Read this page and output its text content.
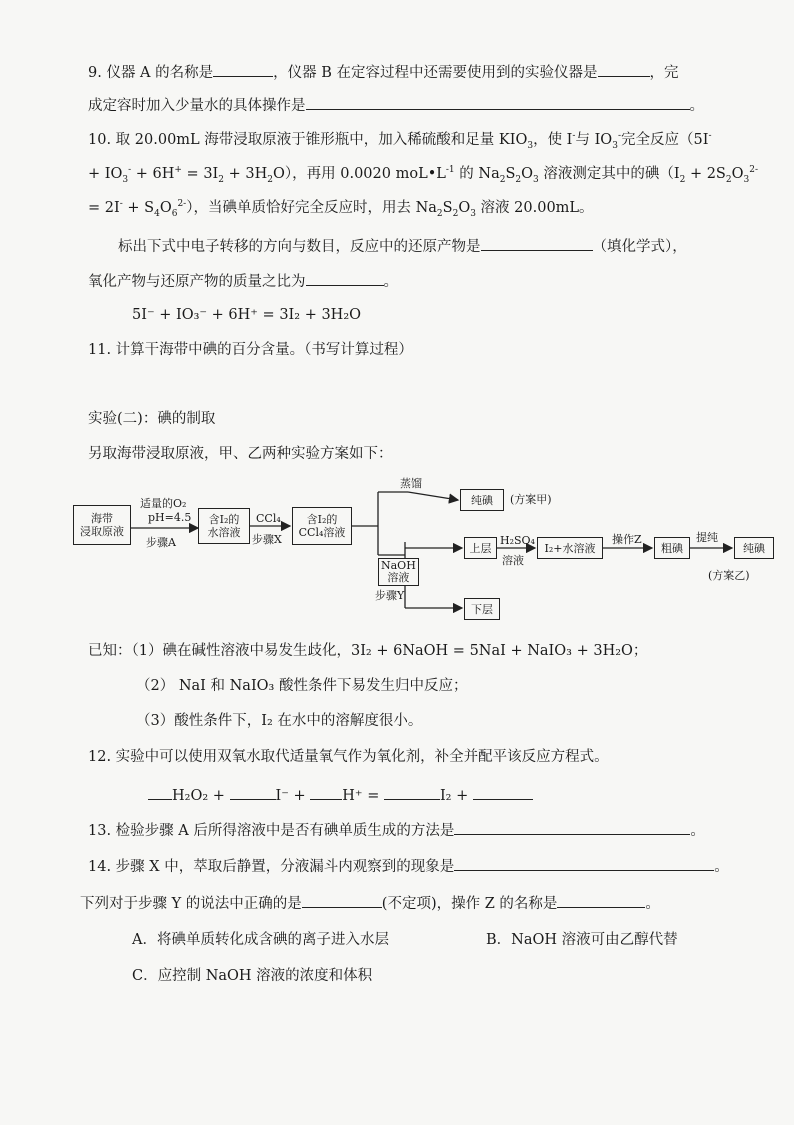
9. 仪器 A 的名称是	，仪器 B 在定容过程中还需要使用到的实验仪器是	，完
成定容时加入少量水的具体操作是	。
10. 取 20.00mL 海带浸取原液于锥形瓶中，加入稀硫酸和足量 $KIO_3$，使 I-与 $IO_3^-$完全反应（5I-
+ $IO_3^- + 6H^+ = 3I_2 + 3H_2O$），再用 0.0020 $moL•L^{-1}$ 的 $Na_2S_2O_3$ 溶液测定其中的碘（$I_2 + 2S_2O_3^{2-}$
= $2I^- + S_4O_6^{2-}$），当碘单质恰好完全反应时，用去 $Na_2S_2O_3$ 溶液 20.00mL。
标出下式中电子转移的方向与数目，反应中的还原产物是	（填化学式），
氧化产物与还原产物的质量之比为	。
5I⁻ + IO₃⁻ + 6H⁺ = 3I₂ + 3H₂O
11. 计算干海带中碘的百分含量。（书写计算过程）
实验(二)：碘的制取
另取海带浸取原液，甲、乙两种实验方案如下：
海带
浸取原液
适量的O₂
pH=4.5
步骤A
含I₂的
水溶液
CCl₄
步骤X
含I₂的
CCl₄溶液
蒸馏
纯碘 (方案甲)
NaOH
溶液
步骤Y
上层
H₂SO₄
溶液
I₂+水溶液
操作Z
粗碘
提纯
纯碘
(方案乙)
下层
已知：（1）碘在碱性溶液中易发生歧化，3I₂ + 6NaOH = 5NaI + NaIO₃ + 3H₂O；
（2） NaI 和 NaIO₃ 酸性条件下易发生归中反应；
（3）酸性条件下，I₂ 在水中的溶解度很小。
12. 实验中可以使用双氧水取代适量氧气作为氧化剂，补全并配平该反应方程式。
H₂O₂ +	I⁻ +	H⁺ =	I₂ +
13. 检验步骤 A 后所得溶液中是否有碘单质生成的方法是	。
14. 步骤 X 中，萃取后静置，分液漏斗内观察到的现象是	。
下列对于步骤 Y 的说法中正确的是	(不定项)，操作 Z 的名称是	。
A．将碘单质转化成含碘的离子进入水层	B．NaOH 溶液可由乙醇代替
C．应控制 NaOH 溶液的浓度和体积
